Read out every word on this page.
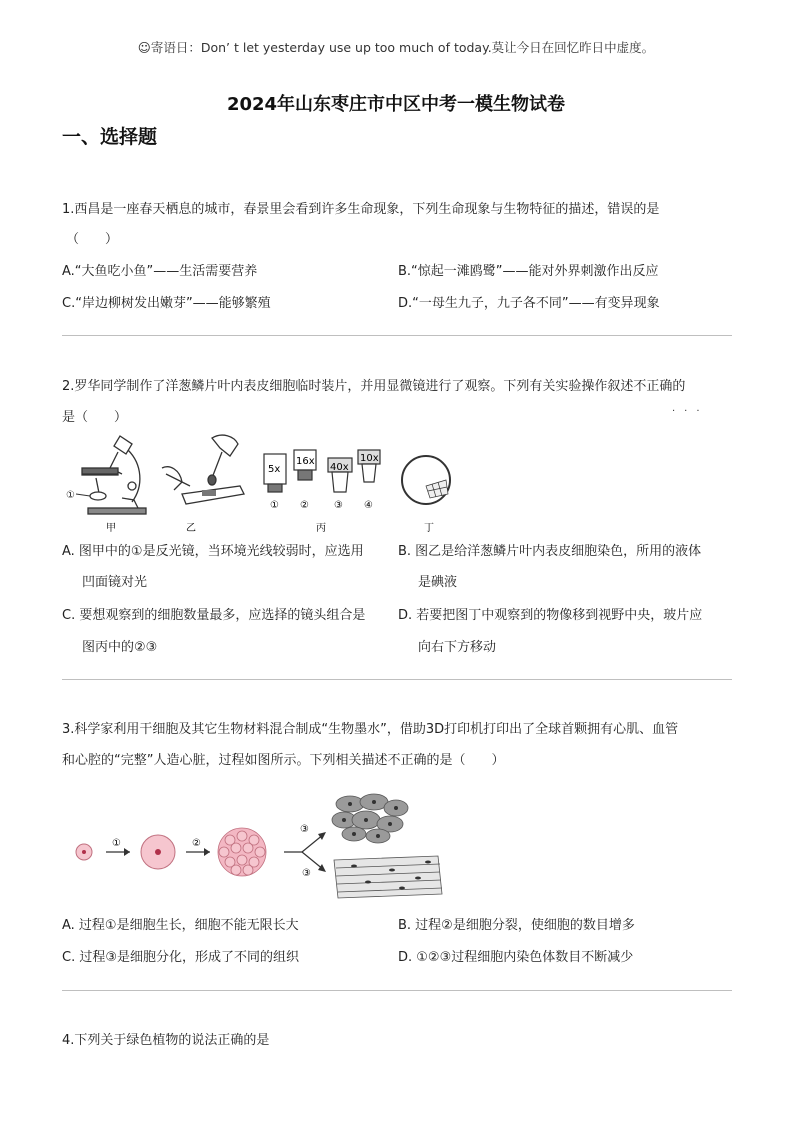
☺寄语日：Don’ t let yesterday use up too much of today.莫让今日在回忆昨日中虚度。
2024年山东枣庄市中区中考一模生物试卷
一、选择题
1.西昌是一座春天栖息的城市，春景里会看到许多生命现象，下列生命现象与生物特征的描述，错误的是
（　　）
A.“大鱼吃小鱼”——生活需要营养	B.“惊起一滩鸥鹭”——能对外界刺激作出反应
C.“岸边柳树发出嫩芽”——能够繁殖	D.“一母生九子，九子各不同”——有变异现象
2.罗华同学制作了洋葱鳞片叶内表皮细胞临时装片，并用显微镜进行了观察。下列有关实验操作叙述不正确的
···
是（　　）
①
甲	乙
5x
16x
40x
10x
① ②	③ ④
丙	丁
A. 图甲中的①是反光镜，当环境光线较弱时，应选用
凹面镜对光
B. 图乙是给洋葱鳞片叶内表皮细胞染色，所用的液体
是碘液
C. 要想观察到的细胞数量最多，应选择的镜头组合是
图丙中的②③
D. 若要把图丁中观察到的物像移到视野中央，玻片应
向右下方移动
3.科学家利用干细胞及其它生物材料混合制成“生物墨水”，借助3D打印机打印出了全球首颗拥有心肌、血管
和心腔的“完整”人造心脏，过程如图所示。下列相关描述不正确的是（　　）
①	②
③
③
A. 过程①是细胞生长，细胞不能无限长大	B. 过程②是细胞分裂，使细胞的数目增多
C. 过程③是细胞分化，形成了不同的组织	D. ①②③过程细胞内染色体数目不断减少
4.下列关于绿色植物的说法正确的是
